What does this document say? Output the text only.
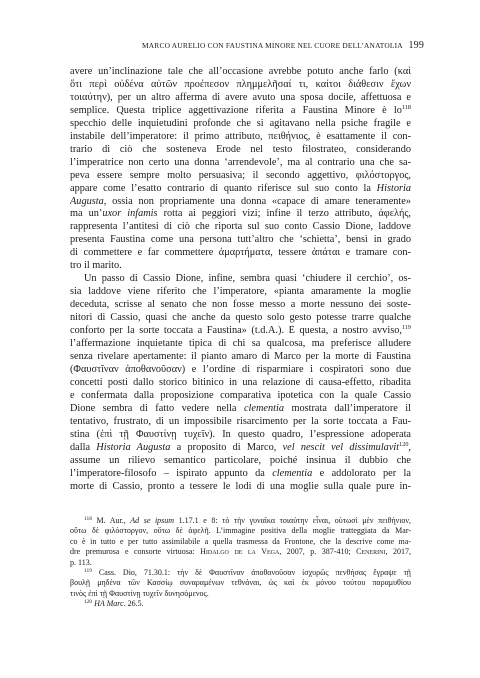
MARCO AURELIO CON FAUSTINA MINORE NEL CUORE DELL’ANATOLIA 199
avere un’inclinazione tale che all’occasione avrebbe potuto anche farlo (καὶ
ὅτι περὶ οὐδένα αὐτῶν προέπεσον πλημμελῆσαί τι, καίτοι διάθεσιν ἔχων
τοιαύτην), per un altro afferma di avere avuto una sposa docile, affettuosa e
semplice. Questa triplice aggettivazione riferita a Faustina Minore è $lo^{118}$
specchio delle inquietudini profonde che si agitavano nella psiche fragile e
instabile dell’imperatore: il primo attributo, πειθήνιος, è esattamente il con-
trario di ciò che sosteneva Erode nel testo filostrateo, considerando
l’imperatrice non certo una donna ‘arrendevole’, ma al contrario una che sa-
peva essere sempre molto persuasiva; il secondo aggettivo, φιλόστοργος,
appare come l’esatto contrario di quanto riferisce sul suo conto la Historia
Augusta, ossia non propriamente una donna «capace di amare teneramente»
ma un’uxor infamis rotta ai peggiori vizi; infine il terzo attributo, ἀφελής,
rappresenta l’antitesi di ciò che riporta sul suo conto Cassio Dione, laddove
presenta Faustina come una persona tutt’altro che ‘schietta’, bensì in grado
di commettere e far commettere ἁμαρτήματα, tessere ἀπάται e tramare con-
tro il marito.
Un passo di Cassio Dione, infine, sembra quasi ‘chiudere il cerchio’, os-
sia laddove viene riferito che l’imperatore, «pianta amaramente la moglie
deceduta, scrisse al senato che non fosse messo a morte nessuno dei soste-
nitori di Cassio, quasi che anche da questo solo gesto potesse trarre qualche
conforto per la sorte toccata a Faustina» (t.d.A.). È questa, a nostro avviso,$^{119}$
l’affermazione inquietante tipica di chi sa qualcosa, ma preferisce alludere
senza rivelare apertamente: il pianto amaro di Marco per la morte di Faustina
(Φαυστῖναν ἀποθανοῦσαν) e l’ordine di risparmiare i cospiratori sono due
concetti posti dallo storico bitinico in una relazione di causa-effetto, ribadita
e confermata dalla proposizione comparativa ipotetica con la quale Cassio
Dione sembra di fatto vedere nella clementia mostrata dall’imperatore il
tentativo, frustrato, di un impossibile risarcimento per la sorte toccata a Fau-
stina (ἐπὶ τῇ Φαυστίνῃ τυχεῖν). In questo quadro, l’espressione adoperata
dalla Historia Augusta a proposito di Marco, vel nescit vel dissimulavit$^{120}$,
assume un rilievo semantico particolare, poiché insinua il dubbio che
l’imperatore-filosofo – ispirato appunto da clementia e addolorato per la
morte di Cassio, pronto a tessere le lodi di una moglie sulla quale pure in-
$^{118}$ M. Aur., Ad se ipsum 1.17.1 e 8: τὸ τὴν γυναῖκα τοιαύτην εἶναι, οὑτωσὶ μὲν πειθήνιον,
οὕτω δὲ φιλόστοργον, οὕτω δὲ ἀφελῆ. L’immagine positiva della moglie tratteggiata da Mar-
co è in tutto e per tutto assimilabile a quella trasmessa da Frontone, che la descrive come ma-
dre premurosa e consorte virtuosa: Hidalgo de la Vega, 2007, p. 387-410; Cenerini, 2017,
p. 113.
$^{119}$ Cass. Dio, 71.30.1: τὴν δὲ Φαυστῖναν ἀποθανοῦσαν ἰσχυρῶς πενθήσας ἔγραψε τῇ
βουλῇ μηδένα τῶν Κασσίῳ συναραμένων τεθνάναι, ὡς καὶ ἐκ μόνου τούτου παραμυθίου
τινὸς ἐπὶ τῇ Φαυστίνῃ τυχεῖν δυνησόμενος.
$^{120}$ HA Marc. 26.5.
